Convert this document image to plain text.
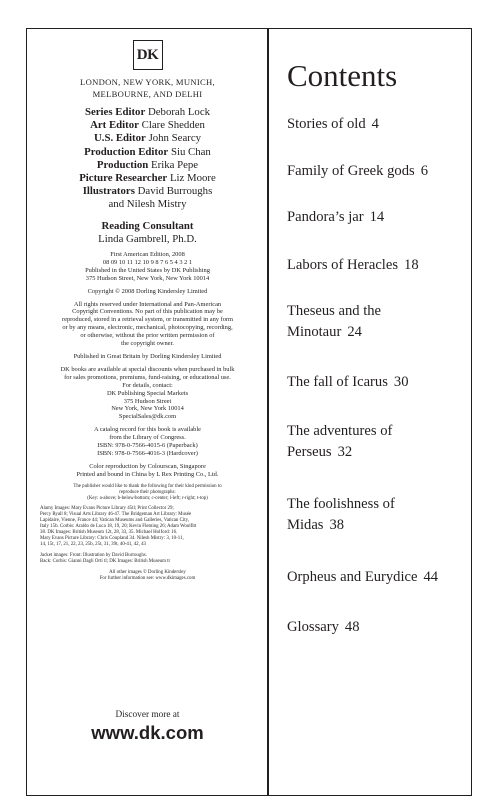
DK
LONDON, NEW YORK, MUNICH,
MELBOURNE, AND DELHI
Series Editor Deborah Lock
Art Editor Clare Shedden
U.S. Editor John Searcy
Production Editor Siu Chan
Production Erika Pepe
Picture Researcher Liz Moore
Illustrators David Burroughs
and Nilesh Mistry
Reading Consultant
Linda Gambrell, Ph.D.
First American Edition, 2008
08 09 10 11 12 10 9 8 7 6 5 4 3 2 1
Published in the United States by DK Publishing
375 Hudson Street, New York, New York 10014
Copyright © 2008 Dorling Kindersley Limited
All rights reserved under International and Pan-American
Copyright Conventions. No part of this publication may be
reproduced, stored in a retrieval system, or transmitted in any form
or by any means, electronic, mechanical, photocopying, recording,
or otherwise, without the prior written permission of
the copyright owner.
Published in Great Britain by Dorling Kindersley Limited
DK books are available at special discounts when purchased in bulk
for sales promotions, premiums, fund-raising, or educational use.
For details, contact:
DK Publishing Special Markets
375 Hudson Street
New York, New York 10014
SpecialSales@dk.com
A catalog record for this book is available
from the Library of Congress.
ISBN: 978-0-7566-4015-6 (Paperback)
ISBN: 978-0-7566-4016-3 (Hardcover)
Color reproduction by Colourscan, Singapore
Printed and bound in China by L Rex Printing Co., Ltd.
The publisher would like to thank the following for their kind permission to
reproduce their photographs:
(Key: a-above; b-below/bottom; c-center; l-left; r-right; t-top)
Alamy Images: Mary Evans Picture Library 45tl; Print Collector 29;
Percy Ryall 8; Visual Arts Library 46-47. The Bridgeman Art Library: Musée
Lapidaire, Vienne, France 44; Vatican Museums and Galleries, Vatican City,
Italy 15b. Corbis: Araldo de Luca 18, 19, 20; Kevin Fleming 26; Adam Woolfitt
38. DK Images: British Museum 12t, 28, 33, 35. Michael Holford: 16.
Mary Evans Picture Library: Chris Coupland 34. Nilesh Mistry: 3, 10-11,
14, 15t, 17, 21, 22, 23, 25b, 25t, 31, 39t, 40-41, 42, 43
Jacket images: Front: Illustration by David Burroughs.
Back: Corbis: Gianni Dagli Orti tl; DK Images: British Museum tr
All other images © Dorling Kindersley
For further information see: www.dkimages.com
Discover more at
www.dk.com
Contents
Stories of old 4
Family of Greek gods 6
Pandora’s jar 14
Labors of Heracles 18
Theseus and the
Minotaur 24
The fall of Icarus 30
The adventures of
Perseus 32
The foolishness of
Midas 38
Orpheus and Eurydice 44
Glossary 48
